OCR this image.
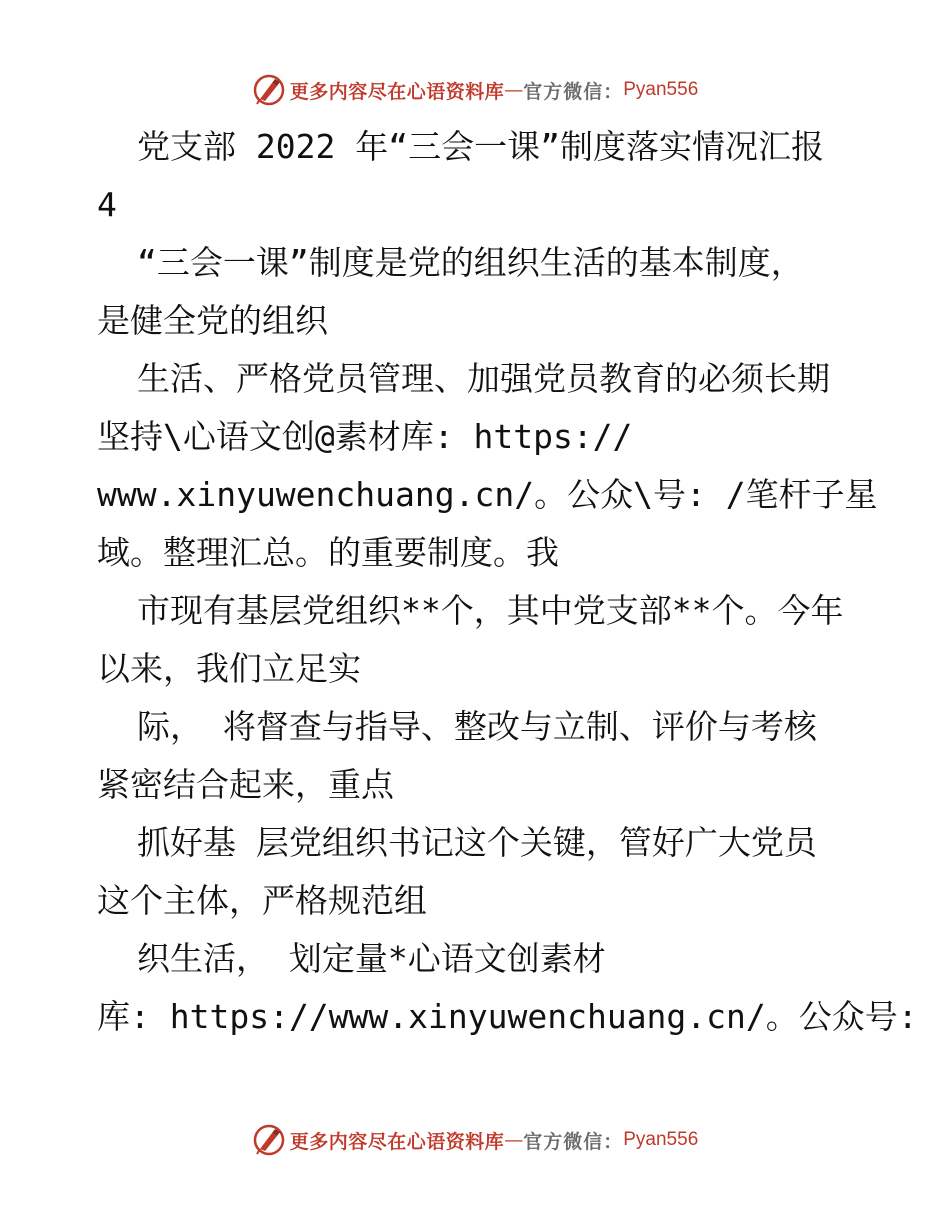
更多内容尽在心语资料库 — 官方微信： Pyan556
党支部 2022 年“三会一课”制度落实情况汇报
4
“三会一课”制度是党的组织生活的基本制度，
是健全党的组织
生活、严格党员管理、加强党员教育的必须长期
坚持\心语文创@素材库: https://
www.xinyuwenchuang.cn/。公众\号: /笔杆子星
域。整理汇总。的重要制度。我
市现有基层党组织**个，其中党支部**个。今年
以来，我们立足实
际， 将督查与指导、整改与立制、评价与考核
紧密结合起来，重点
抓好基 层党组织书记这个关键，管好广大党员
这个主体，严格规范组
织生活， 划定量*心语文创素材
库: https://www.xinyuwenchuang.cn/。公众号:
更多内容尽在心语资料库 — 官方微信： Pyan556
